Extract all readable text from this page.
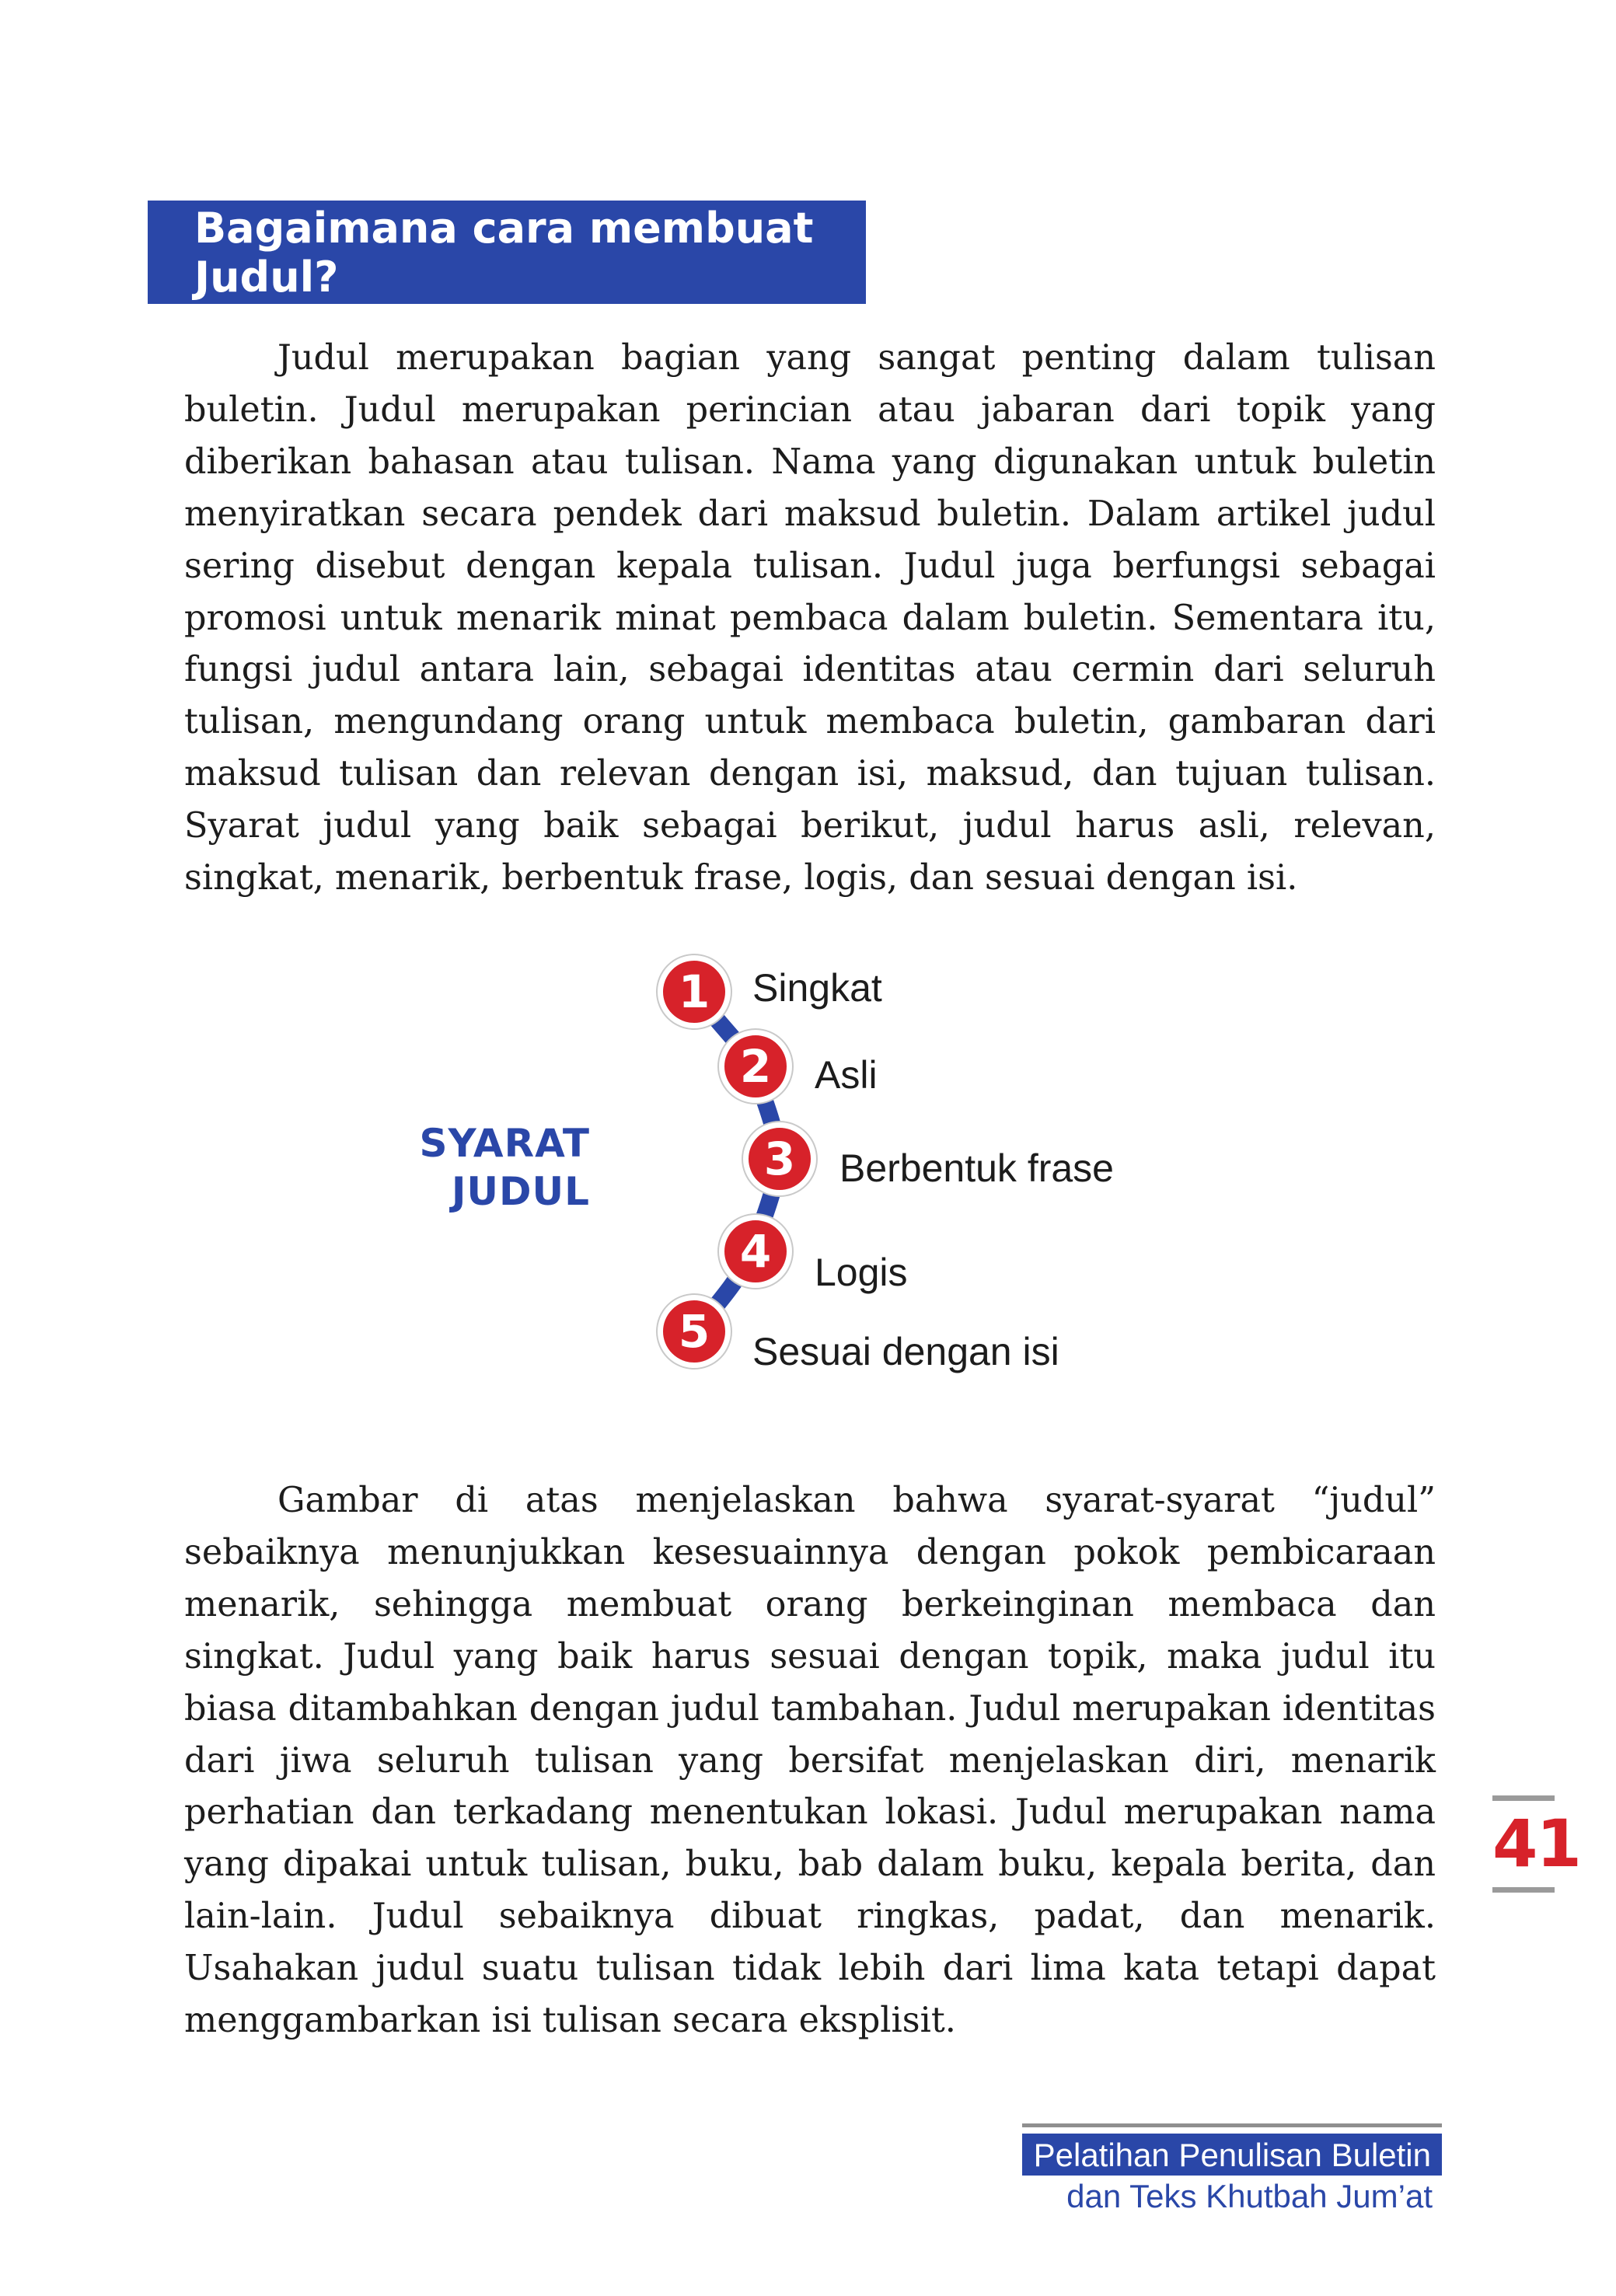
Bagaimana cara membuat Judul?

Judul merupakan bagian yang sangat penting dalam tulisan buletin. Judul merupakan perincian atau jabaran dari topik yang diberikan bahasan atau tulisan. Nama yang digunakan untuk buletin menyiratkan secara pendek dari maksud buletin. Dalam artikel judul sering disebut dengan kepala tulisan. Judul juga berfungsi sebagai promosi untuk menarik minat pembaca dalam buletin. Sementara itu, fungsi judul antara lain, sebagai identitas atau cermin dari seluruh tulisan, mengundang orang untuk membaca buletin, gambaran dari maksud tulisan dan relevan dengan isi, maksud, dan tujuan tulisan. Syarat judul yang baik sebagai berikut, judul harus asli, relevan, singkat, menarik, berbentuk frase, logis, dan sesuai dengan isi.

SYARAT
JUDUL
1 Singkat
2 Asli
3 Berbentuk frase
4 Logis
5 Sesuai dengan isi

Gambar di atas menjelaskan bahwa syarat-syarat “judul” sebaiknya menunjukkan kesesuainnya dengan pokok pembicaraan menarik, sehingga membuat orang berkeinginan membaca dan singkat. Judul yang baik harus sesuai dengan topik, maka judul itu biasa ditambahkan dengan judul tambahan. Judul merupakan identitas dari jiwa seluruh tulisan yang bersifat menjelaskan diri, menarik perhatian dan terkadang menentukan lokasi. Judul merupakan nama yang dipakai untuk tulisan, buku, bab dalam buku, kepala berita, dan lain-lain. Judul sebaiknya dibuat ringkas, padat, dan menarik. Usahakan judul suatu tulisan tidak lebih dari lima kata tetapi dapat menggambarkan isi tulisan secara eksplisit.

41
Pelatihan Penulisan Buletin
dan Teks Khutbah Jum’at
